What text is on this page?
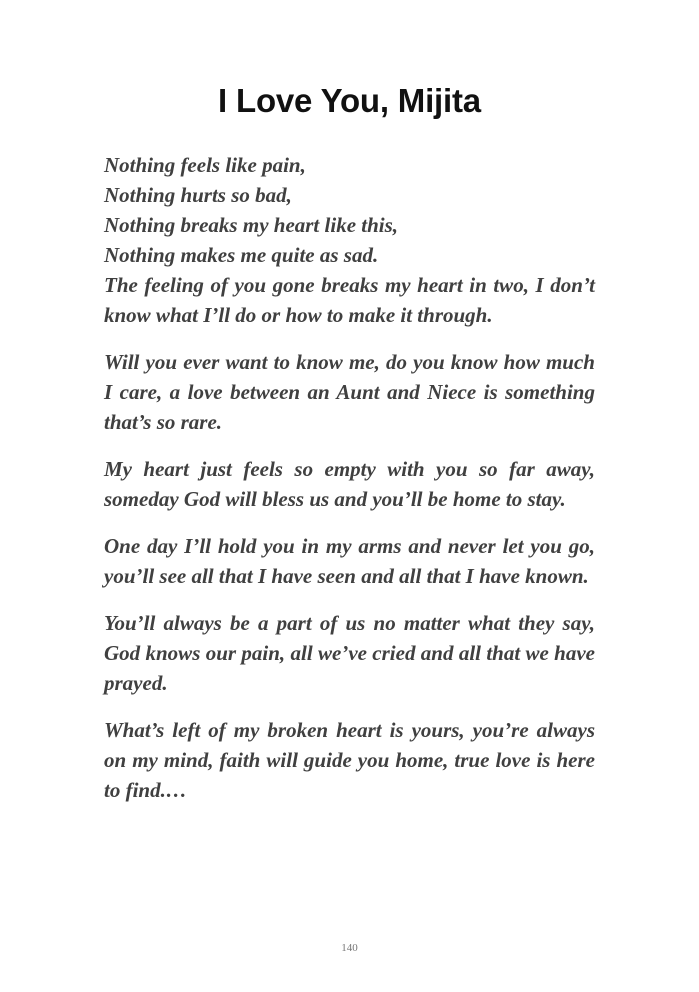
I Love You, Mijita

Nothing feels like pain,

Nothing hurts so bad,

Nothing breaks my heart like this,

Nothing makes me quite as sad.

The feeling of you gone breaks my heart in two, I don’t know what I’ll do or how to make it through.

Will you ever want to know me, do you know how much I care, a love between an Aunt and Niece is something that’s so rare.

My heart just feels so empty with you so far away, someday God will bless us and you’ll be home to stay.

One day I’ll hold you in my arms and never let you go, you’ll see all that I have seen and all that I have known.

You’ll always be a part of us no matter what they say, God knows our pain, all we’ve cried and all that we have prayed.

What’s left of my broken heart is yours, you’re always on my mind, faith will guide you home, true love is here to find.…

140
